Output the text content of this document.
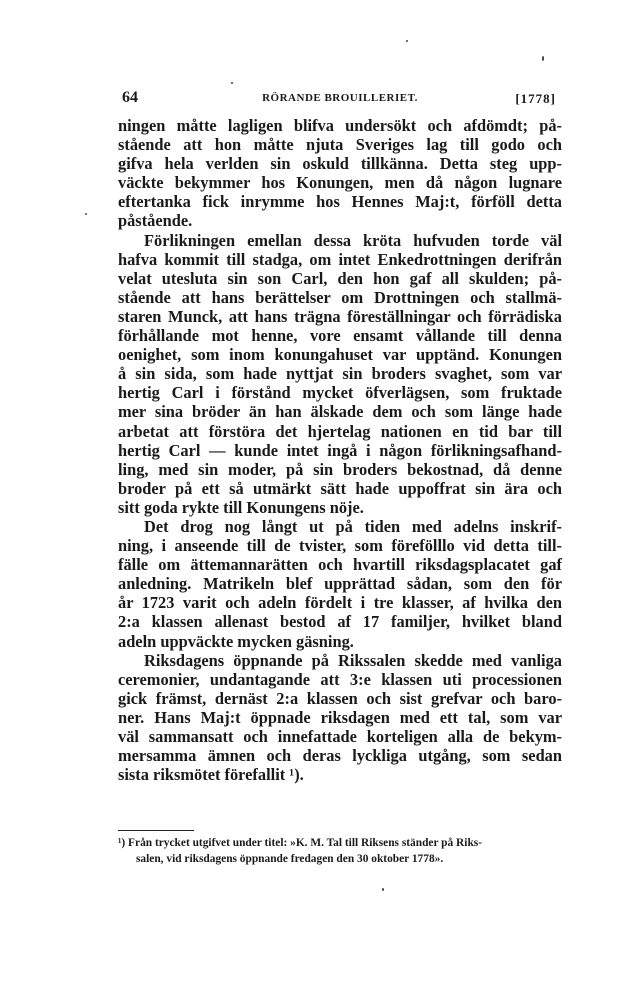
64	RÖRANDE BROUILLERIET.	[1778]
ningen måtte lagligen blifva undersökt och afdömdt; på-
stående att hon måtte njuta Sveriges lag till godo och
gifva hela verlden sin oskuld tillkänna. Detta steg upp-
väckte bekymmer hos Konungen, men då någon lugnare
eftertanka fick inrymme hos Hennes Maj:t, förföll detta
påstående.
Förlikningen emellan dessa kröta hufvuden torde väl
hafva kommit till stadga, om intet Enkedrottningen derifrån
velat utesluta sin son Carl, den hon gaf all skulden; på-
stående att hans berättelser om Drottningen och stallmä-
staren Munck, att hans trägna föreställningar och förrädiska
förhållande mot henne, vore ensamt vållande till denna
oenighet, som inom konungahuset var upptänd. Konungen
å sin sida, som hade nyttjat sin broders svaghet, som var
hertig Carl i förstånd mycket öfverlägsen, som fruktade
mer sina bröder än han älskade dem och som länge hade
arbetat att förstöra det hjertelag nationen en tid bar till
hertig Carl — kunde intet ingå i någon förlikningsafhand-
ling, med sin moder, på sin broders bekostnad, då denne
broder på ett så utmärkt sätt hade uppoffrat sin ära och
sitt goda rykte till Konungens nöje.
Det drog nog långt ut på tiden med adelns inskrif-
ning, i anseende till de tvister, som förefölllo vid detta till-
fälle om ättemannarätten och hvartill riksdagsplacatet gaf
anledning. Matrikeln blef upprättad sådan, som den för
år 1723 varit och adeln fördelt i tre klasser, af hvilka den
2:a klassen allenast bestod af 17 familjer, hvilket bland
adeln uppväckte mycken gäsning.
Riksdagens öppnande på Rikssalen skedde med vanliga
ceremonier, undantagande att 3:e klassen uti processionen
gick främst, dernäst 2:a klassen och sist grefvar och baro-
ner. Hans Maj:t öppnade riksdagen med ett tal, som var
väl sammansatt och innefattade korteligen alla de bekym-
mersamma ämnen och deras lyckliga utgång, som sedan
sista riksmötet förefallit ¹).
¹) Från trycket utgifvet under titel: »K. M. Tal till Riksens ständer på Riks-
salen, vid riksdagens öppnande fredagen den 30 oktober 1778».
